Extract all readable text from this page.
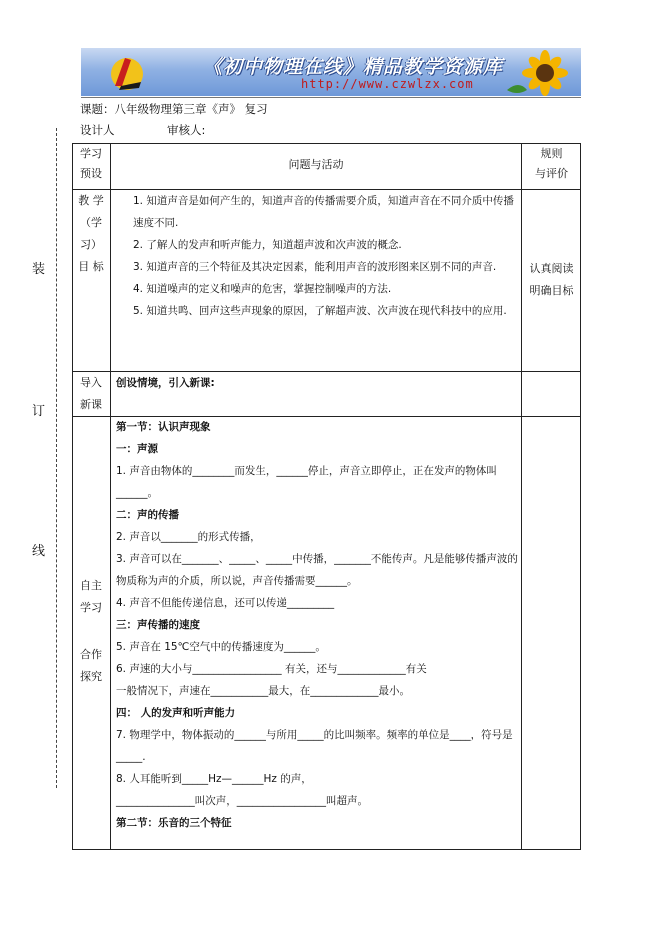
《初中物理在线》精品教学资源库
http://www.czwlzx.com
课题：八年级物理第三章《声》 复习
设计人	审核人:
装
订
线
学习
预设
问题与活动
规则
与评价
教 学
（学习）
目 标

1. 知道声音是如何产生的，知道声音的传播需要介质，知道声音在不同介质中传播速度不同.

2. 了解人的发声和听声能力，知道超声波和次声波的概念.

3. 知道声音的三个特征及其决定因素，能利用声音的波形图来区别不同的声音.

4. 知道噪声的定义和噪声的危害，掌握控制噪声的方法.

5. 知道共鸣、回声这些声现象的原因，了解超声波、次声波在现代科技中的应用.

认真阅读
明确目标
导入
新课
创设情境，引入新课:
自主
学习
合作
探究

第一节：认识声现象

一：声源

1. 声音由物体的________而发生，______停止，声音立即停止，正在发声的物体叫 ______。

二：声的传播

2. 声音以_______的形式传播，

3. 声音可以在_______、_____、_____中传播，_______不能传声。凡是能够传播声波的物质称为声的介质，所以说，声音传播需要______。

4. 声音不但能传递信息，还可以传递_________

三：声传播的速度

5. 声音在 15℃空气中的传播速度为______。

6. 声速的大小与_________________ 有关，还与_____________有关

一般情况下，声速在___________最大，在_____________最小。

四： 人的发声和听声能力

7. 物理学中，物体振动的______与所用_____的比叫频率。频率的单位是____，符号是_____.

8. 人耳能听到_____Hz—______Hz 的声，

_______________叫次声，_________________叫超声。

第二节：乐音的三个特征
